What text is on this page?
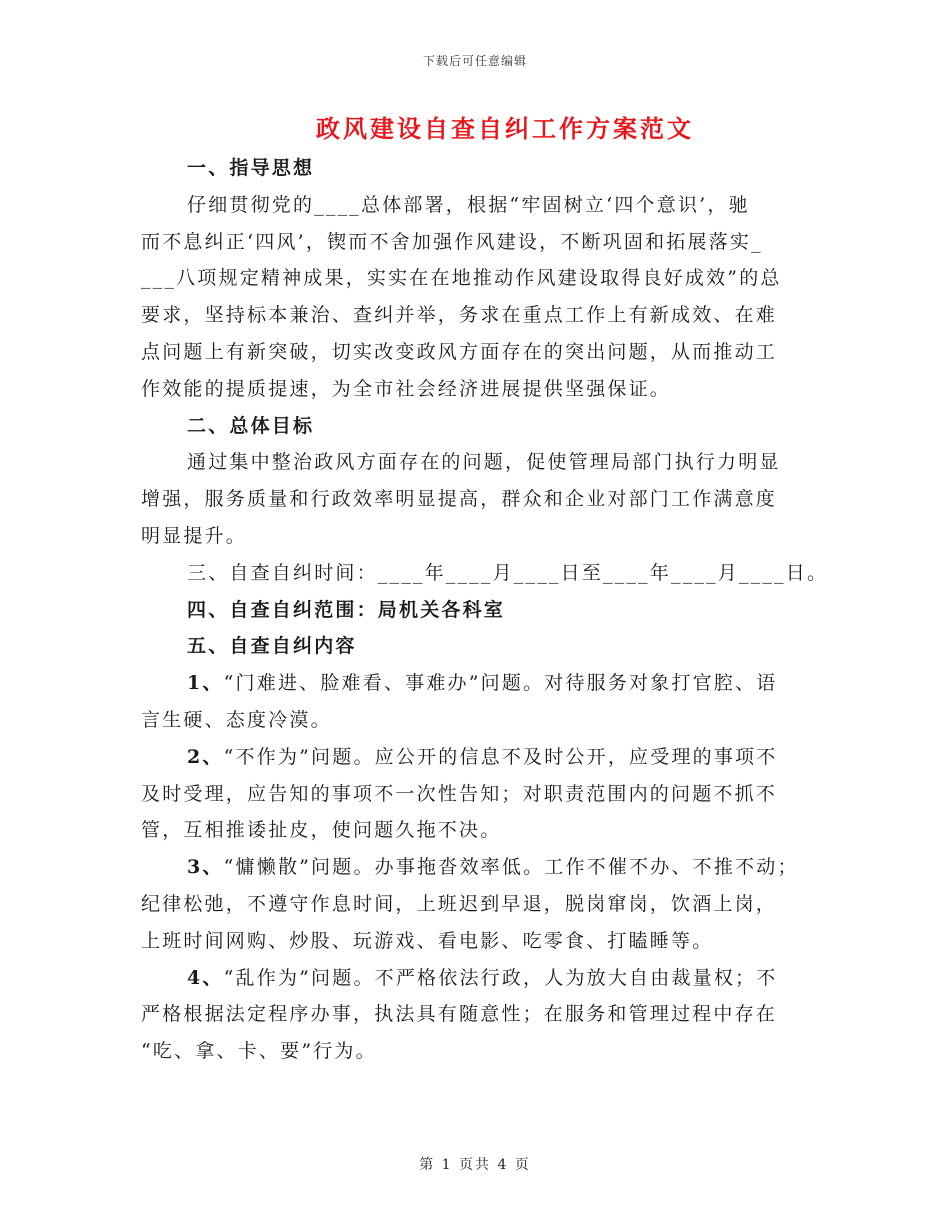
下载后可任意编辑
政风建设自查自纠工作方案范文
一、指导思想
仔细贯彻党的____总体部署，根据“牢固树立‘四个意识’，驰
而不息纠正‘四风’，锲而不舍加强作风建设，不断巩固和拓展落实_
___八项规定精神成果，实实在在地推动作风建设取得良好成效”的总
要求，坚持标本兼治、查纠并举，务求在重点工作上有新成效、在难
点问题上有新突破，切实改变政风方面存在的突出问题，从而推动工
作效能的提质提速，为全市社会经济进展提供坚强保证。
二、总体目标
通过集中整治政风方面存在的问题，促使管理局部门执行力明显
增强，服务质量和行政效率明显提高，群众和企业对部门工作满意度
明显提升。
三、自查自纠时间：____年____月____日至____年____月____日。
四、自查自纠范围：局机关各科室
五、自查自纠内容
1、“门难进、脸难看、事难办”问题。对待服务对象打官腔、语
言生硬、态度冷漠。
2、“不作为”问题。应公开的信息不及时公开，应受理的事项不
及时受理，应告知的事项不一次性告知；对职责范围内的问题不抓不
管，互相推诿扯皮，使问题久拖不决。
3、“慵懒散”问题。办事拖沓效率低。工作不催不办、不推不动；
纪律松弛，不遵守作息时间，上班迟到早退，脱岗窜岗，饮酒上岗，
上班时间网购、炒股、玩游戏、看电影、吃零食、打瞌睡等。
4、“乱作为”问题。不严格依法行政，人为放大自由裁量权；不
严格根据法定程序办事，执法具有随意性；在服务和管理过程中存在
“吃、拿、卡、要”行为。
第 1 页共 4 页
